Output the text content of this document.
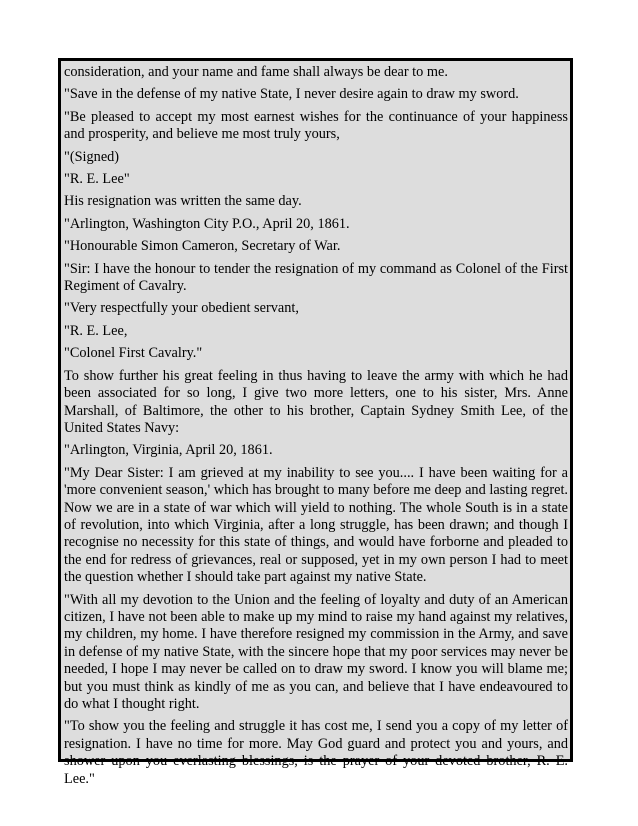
consideration, and your name and fame shall always be dear to me.

"Save in the defense of my native State, I never desire again to draw my sword.

"Be pleased to accept my most earnest wishes for the continuance of your happiness and prosperity, and believe me most truly yours,

"(Signed)

"R. E. Lee"

His resignation was written the same day.

"Arlington, Washington City P.O., April 20, 1861.

"Honourable Simon Cameron, Secretary of War.

"Sir: I have the honour to tender the resignation of my command as Colonel of the First Regiment of Cavalry.

"Very respectfully your obedient servant,

"R. E. Lee,

"Colonel First Cavalry."

To show further his great feeling in thus having to leave the army with which he had been associated for so long, I give two more letters, one to his sister, Mrs. Anne Marshall, of Baltimore, the other to his brother, Captain Sydney Smith Lee, of the United States Navy:

"Arlington, Virginia, April 20, 1861.

"My Dear Sister: I am grieved at my inability to see you.... I have been waiting for a 'more convenient season,' which has brought to many before me deep and lasting regret. Now we are in a state of war which will yield to nothing. The whole South is in a state of revolution, into which Virginia, after a long struggle, has been drawn; and though I recognise no necessity for this state of things, and would have forborne and pleaded to the end for redress of grievances, real or supposed, yet in my own person I had to meet the question whether I should take part against my native State.

"With all my devotion to the Union and the feeling of loyalty and duty of an American citizen, I have not been able to make up my mind to raise my hand against my relatives, my children, my home. I have therefore resigned my commission in the Army, and save in defense of my native State, with the sincere hope that my poor services may never be needed, I hope I may never be called on to draw my sword. I know you will blame me; but you must think as kindly of me as you can, and believe that I have endeavoured to do what I thought right.

"To show you the feeling and struggle it has cost me, I send you a copy of my letter of resignation. I have no time for more. May God guard and protect you and yours, and shower upon you everlasting blessings, is the prayer of your devoted brother, R. E. Lee."
